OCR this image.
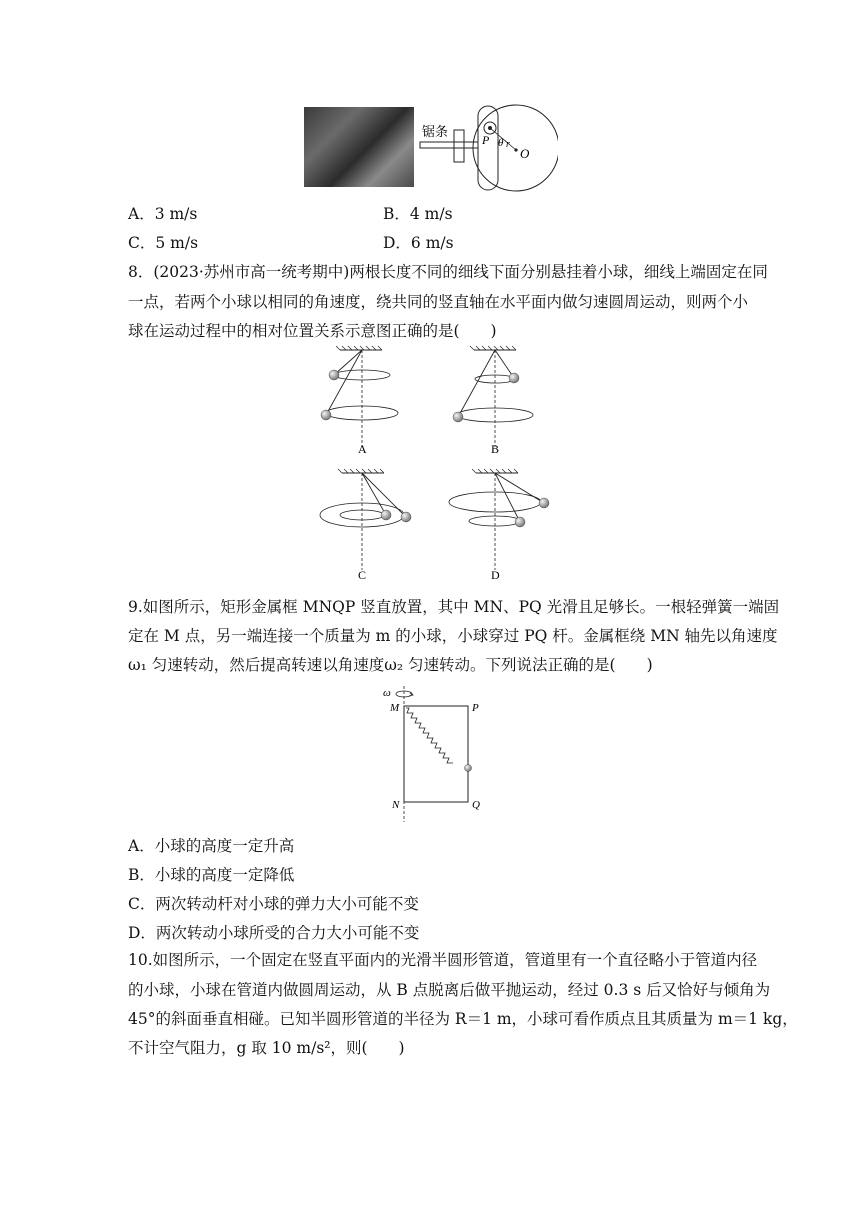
锯条
P θ r
O
A．3 m/s	B．4 m/s
C．5 m/s	D．6 m/s
8．(2023·苏州市高一统考期中)两根长度不同的细线下面分别悬挂着小球，细线上端固定在同
一点，若两个小球以相同的角速度，绕共同的竖直轴在水平面内做匀速圆周运动，则两个小
球在运动过程中的相对位置关系示意图正确的是(　　)
A	B
C	D
9.如图所示，矩形金属框 MNQP 竖直放置，其中 MN、PQ 光滑且足够长。一根轻弹簧一端固
定在 M 点，另一端连接一个质量为 m 的小球，小球穿过 PQ 杆。金属框绕 MN 轴先以角速度
ω₁ 匀速转动，然后提高转速以角速度ω₂ 匀速转动。下列说法正确的是(　　)
ω
M	P
N	Q
A．小球的高度一定升高
B．小球的高度一定降低
C．两次转动杆对小球的弹力大小可能不变
D．两次转动小球所受的合力大小可能不变
10.如图所示，一个固定在竖直平面内的光滑半圆形管道，管道里有一个直径略小于管道内径
的小球，小球在管道内做圆周运动，从 B 点脱离后做平抛运动，经过 0.3 s 后又恰好与倾角为
45°的斜面垂直相碰。已知半圆形管道的半径为 R＝1 m，小球可看作质点且其质量为 m＝1 kg，
不计空气阻力，g 取 10 m/s²，则(　　)
